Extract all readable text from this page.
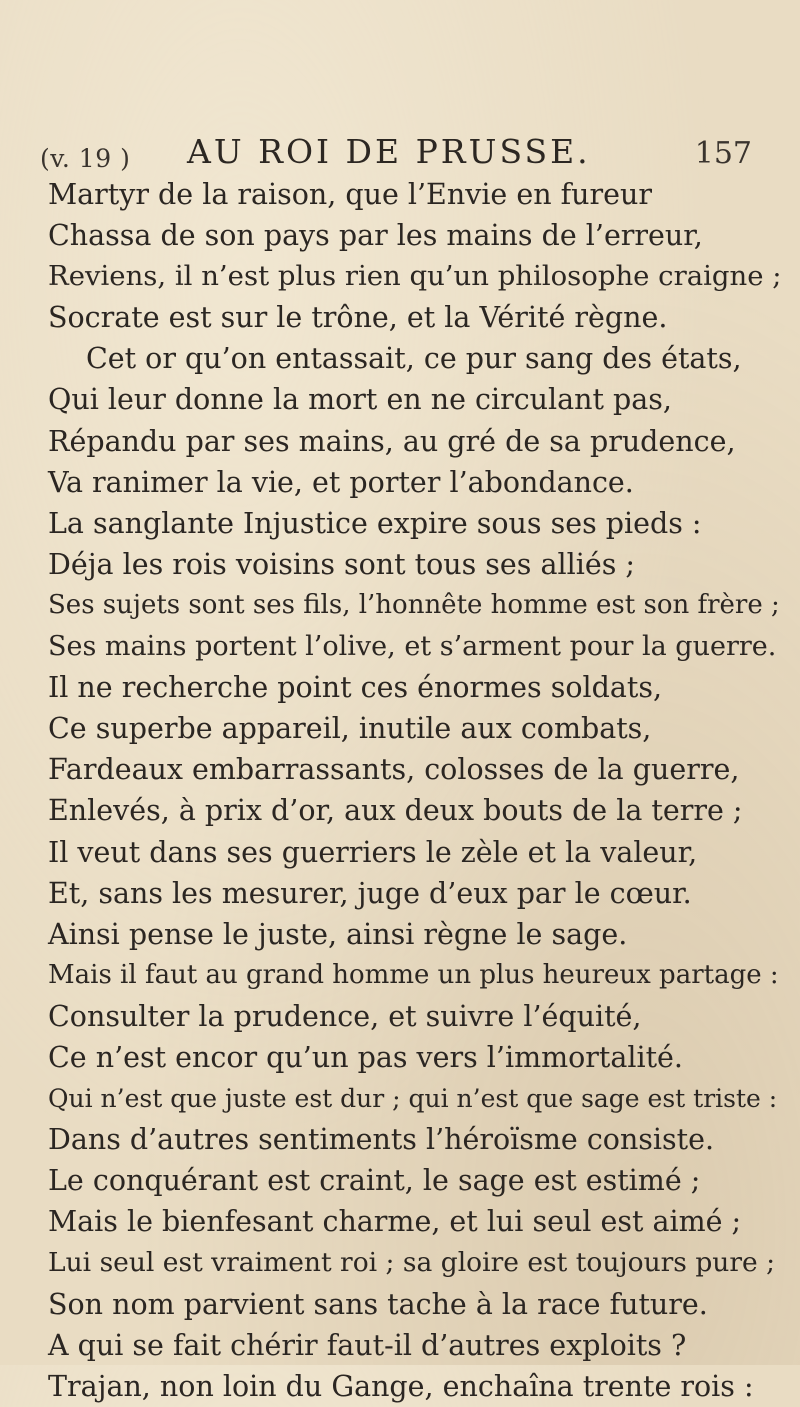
(v. 19 ) AU ROI DE PRUSSE.	157
Martyr de la raison, que l’Envie en fureur
Chassa de son pays par les mains de l’erreur,
Reviens, il n’est plus rien qu’un philosophe craigne ;
Socrate est sur le trône, et la Vérité règne.
Cet or qu’on entassait, ce pur sang des états,
Qui leur donne la mort en ne circulant pas,
Répandu par ses mains, au gré de sa prudence,
Va ranimer la vie, et porter l’abondance.
La sanglante Injustice expire sous ses pieds :
Déja les rois voisins sont tous ses alliés ;
Ses sujets sont ses fils, l’honnête homme est son frère ;
Ses mains portent l’olive, et s’arment pour la guerre.
Il ne recherche point ces énormes soldats,
Ce superbe appareil, inutile aux combats,
Fardeaux embarrassants, colosses de la guerre,
Enlevés, à prix d’or, aux deux bouts de la terre ;
Il veut dans ses guerriers le zèle et la valeur,
Et, sans les mesurer, juge d’eux par le cœur.
Ainsi pense le juste, ainsi règne le sage.
Mais il faut au grand homme un plus heureux partage :
Consulter la prudence, et suivre l’équité,
Ce n’est encor qu’un pas vers l’immortalité.
Qui n’est que juste est dur ; qui n’est que sage est triste :
Dans d’autres sentiments l’héroïsme consiste.
Le conquérant est craint, le sage est estimé ;
Mais le bienfesant charme, et lui seul est aimé ;
Lui seul est vraiment roi ; sa gloire est toujours pure ;
Son nom parvient sans tache à la race future.
A qui se fait chérir faut-il d’autres exploits ?
Trajan, non loin du Gange, enchaîna trente rois :
